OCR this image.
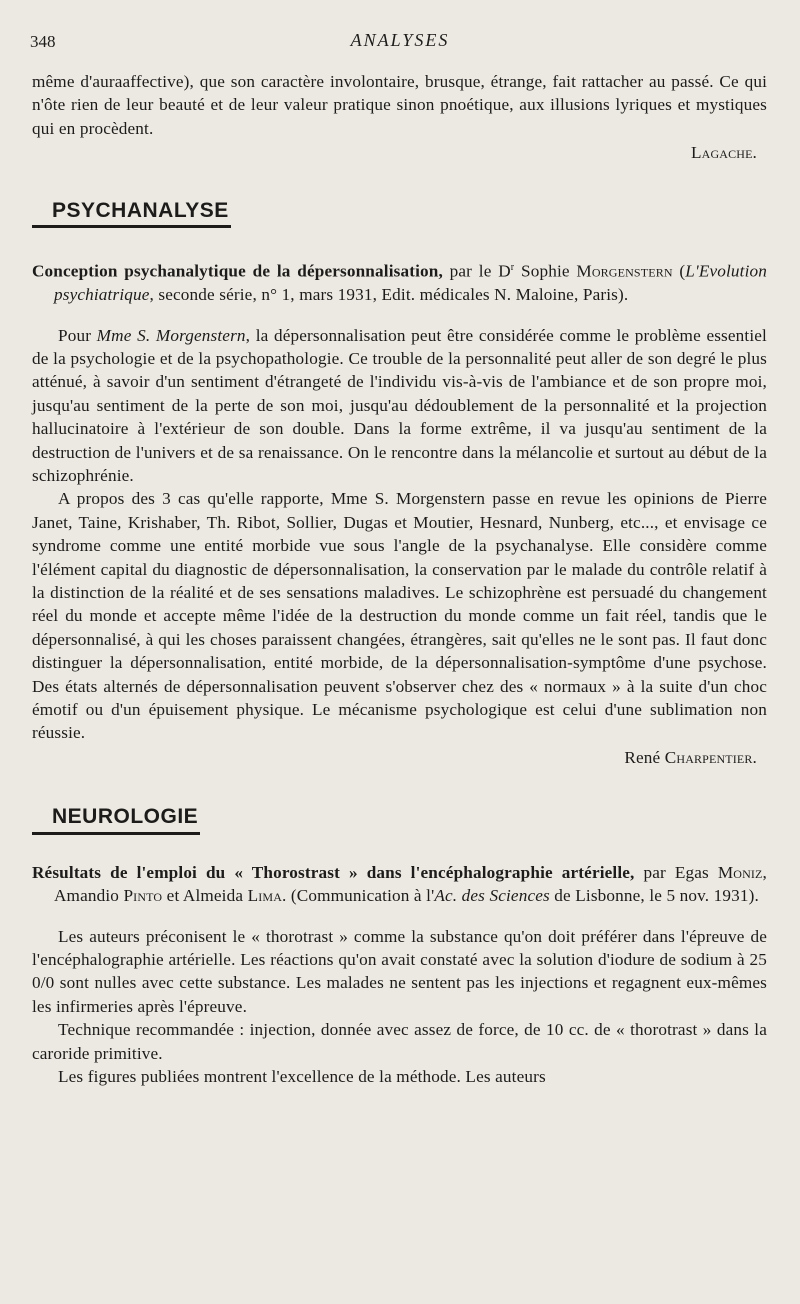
348	ANALYSES

même d'auraaffective), que son caractère involontaire, brusque, étrange, fait rattacher au passé. Ce qui n'ôte rien de leur beauté et de leur valeur pratique sinon pnoétique, aux illusions lyriques et mystiques qui en procèdent.

Lagache.

PSYCHANALYSE

Conception psychanalytique de la dépersonnalisation, par le $D^r$ Sophie Morgenstern (L'Evolution psychiatrique, seconde série, n° 1, mars 1931, Edit. médicales N. Maloine, Paris).

Pour Mme S. Morgenstern, la dépersonnalisation peut être considérée comme le problème essentiel de la psychologie et de la psychopathologie. Ce trouble de la personnalité peut aller de son degré le plus atténué, à savoir d'un sentiment d'étrangeté de l'individu vis-à-vis de l'ambiance et de son propre moi, jusqu'au sentiment de la perte de son moi, jusqu'au dédoublement de la personnalité et la projection hallucinatoire à l'extérieur de son double. Dans la forme extrême, il va jusqu'au sentiment de la destruction de l'univers et de sa renaissance. On le rencontre dans la mélancolie et surtout au début de la schizophrénie.

A propos des 3 cas qu'elle rapporte, Mme S. Morgenstern passe en revue les opinions de Pierre Janet, Taine, Krishaber, Th. Ribot, Sollier, Dugas et Moutier, Hesnard, Nunberg, etc..., et envisage ce syndrome comme une entité morbide vue sous l'angle de la psychanalyse. Elle considère comme l'élément capital du diagnostic de dépersonnalisation, la conservation par le malade du contrôle relatif à la distinction de la réalité et de ses sensations maladives. Le schizophrène est persuadé du changement réel du monde et accepte même l'idée de la destruction du monde comme un fait réel, tandis que le dépersonnalisé, à qui les choses paraissent changées, étrangères, sait qu'elles ne le sont pas. Il faut donc distinguer la dépersonnalisation, entité morbide, de la dépersonnalisation-symptôme d'une psychose. Des états alternés de dépersonnalisation peuvent s'observer chez des « normaux » à la suite d'un choc émotif ou d'un épuisement physique. Le mécanisme psychologique est celui d'une sublimation non réussie.

René Charpentier.

NEUROLOGIE

Résultats de l'emploi du « Thorostrast » dans l'encéphalographie artérielle, par Egas Moniz, Amandio Pinto et Almeida Lima. (Communication à l'Ac. des Sciences de Lisbonne, le 5 nov. 1931).

Les auteurs préconisent le « thorotrast » comme la substance qu'on doit préférer dans l'épreuve de l'encéphalographie artérielle. Les réactions qu'on avait constaté avec la solution d'iodure de sodium à 25 0/0 sont nulles avec cette substance. Les malades ne sentent pas les injections et regagnent eux-mêmes les infirmeries après l'épreuve.

Technique recommandée : injection, donnée avec assez de force, de 10 cc. de « thorotrast » dans la caroride primitive.

Les figures publiées montrent l'excellence de la méthode. Les auteurs
